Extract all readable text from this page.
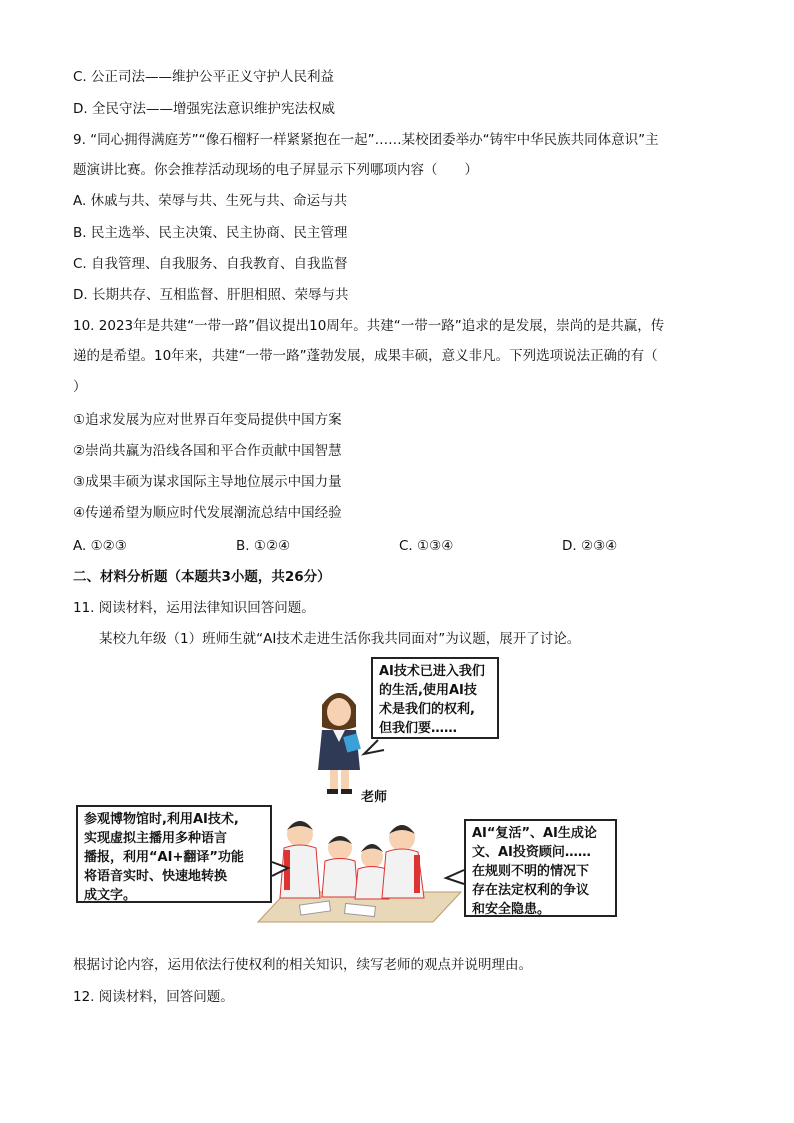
C. 公正司法——维护公平正义守护人民利益
D. 全民守法——增强宪法意识维护宪法权威
9. “同心拥得满庭芳”“像石榴籽一样紧紧抱在一起”……某校团委举办“铸牢中华民族共同体意识”主
题演讲比赛。你会推荐活动现场的电子屏显示下列哪项内容（　　）
A. 休戚与共、荣辱与共、生死与共、命运与共
B. 民主选举、民主决策、民主协商、民主管理
C. 自我管理、自我服务、自我教育、自我监督
D. 长期共存、互相监督、肝胆相照、荣辱与共
10. 2023年是共建“一带一路”倡议提出10周年。共建“一带一路”追求的是发展，崇尚的是共赢，传
递的是希望。10年来，共建“一带一路”蓬勃发展，成果丰硕，意义非凡。下列选项说法正确的有（
）
①追求发展为应对世界百年变局提供中国方案
②崇尚共赢为沿线各国和平合作贡献中国智慧
③成果丰硕为谋求国际主导地位展示中国力量
④传递希望为顺应时代发展潮流总结中国经验
A. ①②③	B. ①②④	C. ①③④	D. ②③④
二、材料分析题（本题共3小题，共26分）
11. 阅读材料，运用法律知识回答问题。
某校九年级（1）班师生就“AI技术走进生活你我共同面对”为议题，展开了讨论。
AI技术已进入我们
的生活,使用AI技
术是我们的权利,
但我们要……
老师
参观博物馆时,利用AI技术,
实现虚拟主播用多种语言
播报，利用“AI+翻译”功能
将语音实时、快速地转换
成文字。
AI“复活”、AI生成论
文、AI投资顾问……
在规则不明的情况下
存在法定权利的争议
和安全隐患。
根据讨论内容，运用依法行使权利的相关知识，续写老师的观点并说明理由。
12. 阅读材料，回答问题。
